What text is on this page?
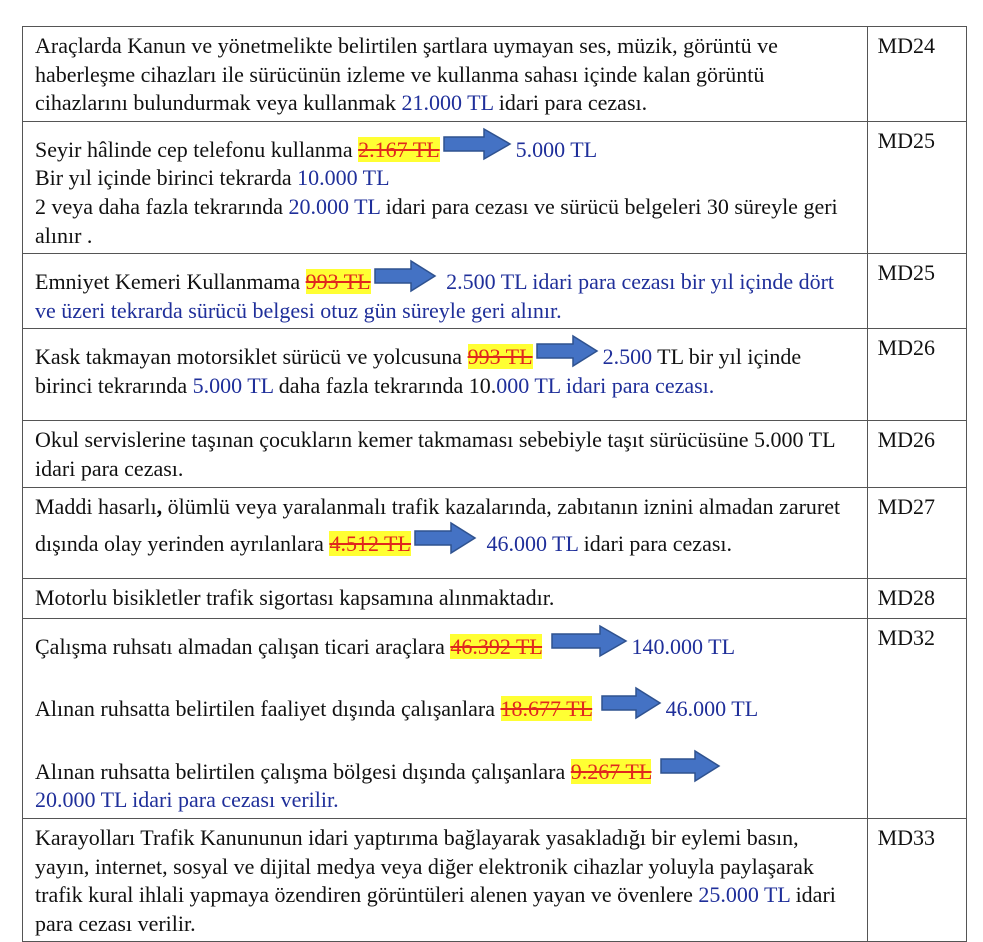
Araçlarda Kanun ve yönetmelikte belirtilen şartlara uymayan ses, müzik, görüntü ve haberleşme cihazları ile sürücünün izleme ve kullanma sahası içinde kalan görüntü cihazlarını bulundurmak veya kullanmak 21.000 TL idari para cezası.	MD24
Seyir hâlinde cep telefonu kullanma 2.167 TL 5.000 TL
Bir yıl içinde birinci tekrarda 10.000 TL
2 veya daha fazla tekrarında 20.000 TL idari para cezası ve sürücü belgeleri 30 süreyle geri alınır .	MD25
Emniyet Kemeri Kullanmama 993 TL 2.500 TL idari para cezası bir yıl içinde dört ve üzeri tekrarda sürücü belgesi otuz gün süreyle geri alınır.	MD25
Kask takmayan motorsiklet sürücü ve yolcusuna 993 TL 2.500 TL bir yıl içinde birinci tekrarında 5.000 TL daha fazla tekrarında 10.000 TL idari para cezası.	MD26
Okul servislerine taşınan çocukların kemer takmaması sebebiyle taşıt sürücüsüne 5.000 TL idari para cezası.	MD26
Maddi hasarlı, ölümlü veya yaralanmalı trafik kazalarında, zabıtanın iznini almadan zaruret dışında olay yerinden ayrılanlara 4.512 TL 46.000 TL idari para cezası.	MD27
Motorlu bisikletler trafik sigortası kapsamına alınmaktadır.	MD28
Çalışma ruhsatı almadan çalışan ticari araçlara 46.392 TL 140.000 TL
Alınan ruhsatta belirtilen faaliyet dışında çalışanlara 18.677 TL 46.000 TL
Alınan ruhsatta belirtilen çalışma bölgesi dışında çalışanlara 9.267 TL
20.000 TL idari para cezası verilir.	MD32
Karayolları Trafik Kanununun idari yaptırıma bağlayarak yasakladığı bir eylemi basın, yayın, internet, sosyal ve dijital medya veya diğer elektronik cihazlar yoluyla paylaşarak trafik kural ihlali yapmaya özendiren görüntüleri alenen yayan ve övenlere 25.000 TL idari para cezası verilir.	MD33
